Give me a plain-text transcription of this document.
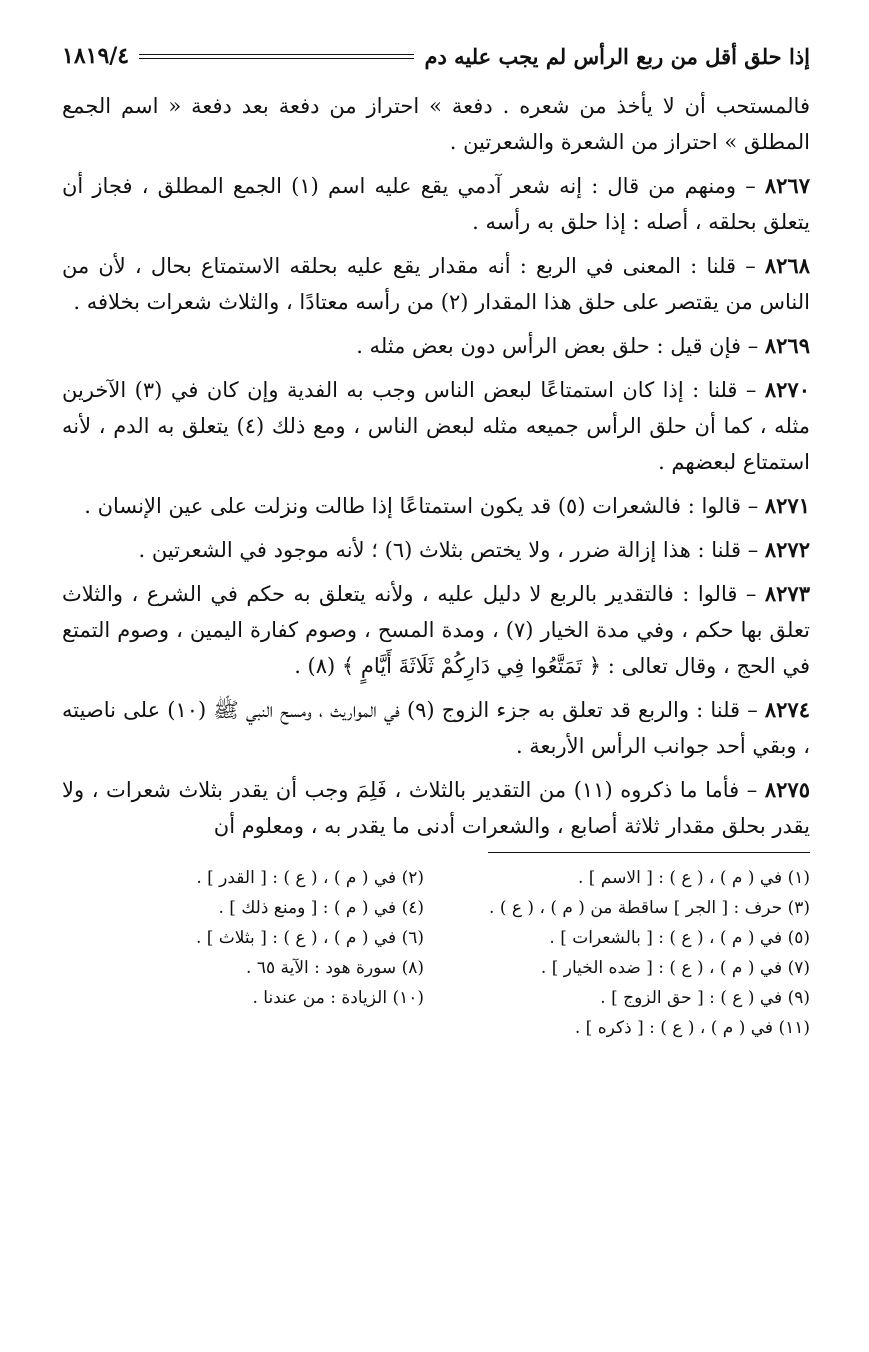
إذا حلق أقل من ربع الرأس لم يجب عليه دم
١٨١٩/٤

فالمستحب أن لا يأخذ من شعره . دفعة » احتراز من دفعة بعد دفعة « اسم الجمع المطلق » احتراز من الشعرة والشعرتين .

٨٢٦٧ – ومنهم من قال : إنه شعر آدمي يقع عليه اسم (١) الجمع المطلق ، فجاز أن يتعلق بحلقه ، أصله : إذا حلق به رأسه .

٨٢٦٨ – قلنا : المعنى في الربع : أنه مقدار يقع عليه بحلقه الاستمتاع بحال ، لأن من الناس من يقتصر على حلق هذا المقدار (٢) من رأسه معتادًا ، والثلاث شعرات بخلافه .

٨٢٦٩ – فإن قيل : حلق بعض الرأس دون بعض مثله .

٨٢٧٠ – قلنا : إذا كان استمتاعًا لبعض الناس وجب به الفدية وإن كان في (٣) الآخرين مثله ، كما أن حلق الرأس جميعه مثله لبعض الناس ، ومع ذلك (٤) يتعلق به الدم ، لأنه استمتاع لبعضهم .

٨٢٧١ – قالوا : فالشعرات (٥) قد يكون استمتاعًا إذا طالت ونزلت على عين الإنسان .

٨٢٧٢ – قلنا : هذا إزالة ضرر ، ولا يختص بثلاث (٦) ؛ لأنه موجود في الشعرتين .

٨٢٧٣ – قالوا : فالتقدير بالربع لا دليل عليه ، ولأنه يتعلق به حكم في الشرع ، والثلاث تعلق بها حكم ، وفي مدة الخيار (٧) ، ومدة المسح ، وصوم كفارة اليمين ، وصوم التمتع في الحج ، وقال تعالى : ﴿ تَمَتَّعُوا فِي دَارِكُمْ ثَلَاثَةَ أَيَّامٍ ﴾ (٨) .

٨٢٧٤ – قلنا : والربع قد تعلق به جزء الزوج (٩) في المواريث ، ومسح النبي ﷺ (١٠) على ناصيته ، وبقي أحد جوانب الرأس الأربعة .

٨٢٧٥ – فأما ما ذكروه (١١) من التقدير بالثلاث ، فَلِمَ وجب أن يقدر بثلاث شعرات ، ولا يقدر بحلق مقدار ثلاثة أصابع ، والشعرات أدنى ما يقدر به ، ومعلوم أن

(١) في ( م ) ، ( ع ) : [ الاسم ] .
(٢) في ( م ) ، ( ع ) : [ القدر ] .
(٣) حرف : [ الجر ] ساقطة من ( م ) ، ( ع ) .
(٤) في ( م ) : [ ومنع ذلك ] .
(٥) في ( م ) ، ( ع ) : [ بالشعرات ] .
(٦) في ( م ) ، ( ع ) : [ بثلاث ] .
(٧) في ( م ) ، ( ع ) : [ ضده الخيار ] .
(٨) سورة هود : الآية ٦٥ .
(٩) في ( ع ) : [ حق الزوج ] .
(١٠) الزيادة : من عندنا .
(١١) في ( م ) ، ( ع ) : [ ذكره ] .
